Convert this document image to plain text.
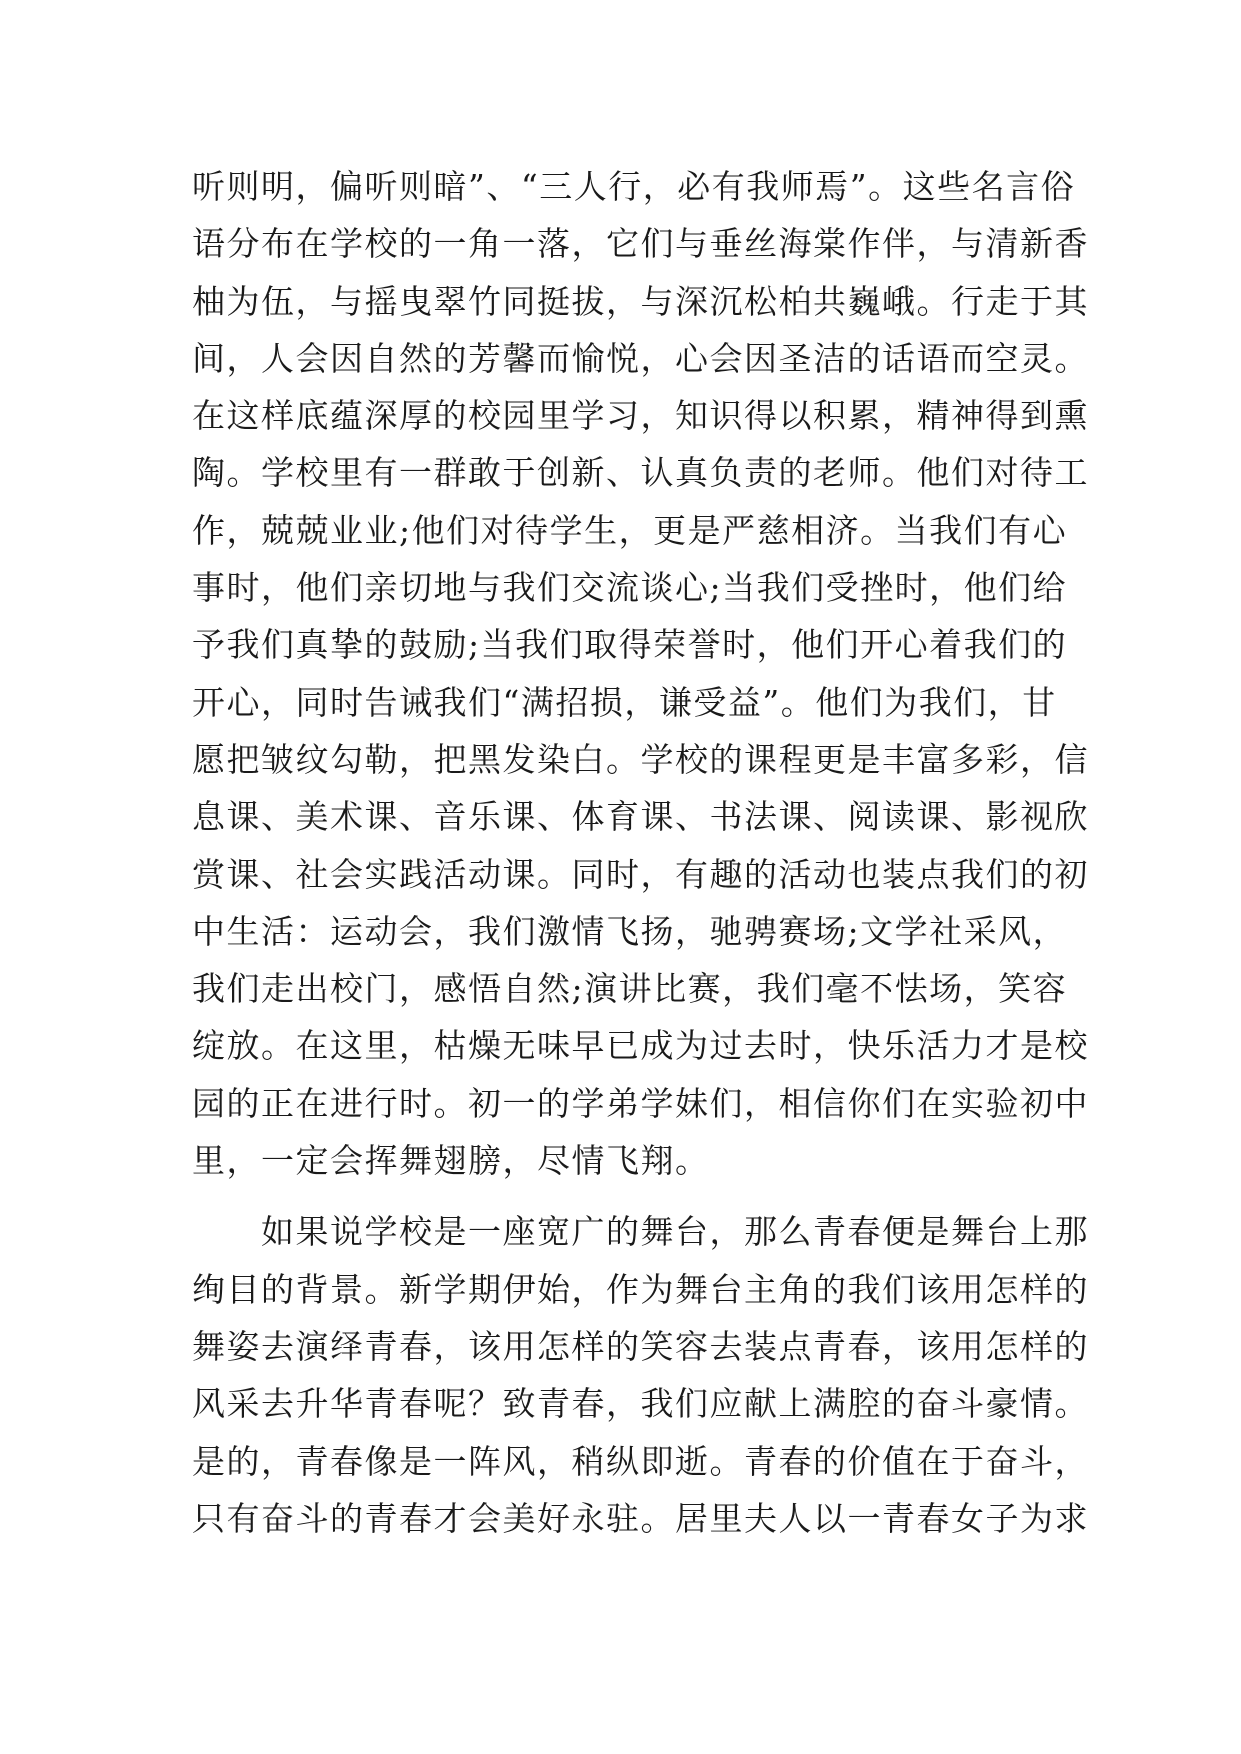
听则明，偏听则暗”、“三人行，必有我师焉”。这些名言俗
语分布在学校的一角一落，它们与垂丝海棠作伴，与清新香
柚为伍，与摇曳翠竹同挺拔，与深沉松柏共巍峨。行走于其
间，人会因自然的芳馨而愉悦，心会因圣洁的话语而空灵。
在这样底蕴深厚的校园里学习，知识得以积累，精神得到熏
陶。学校里有一群敢于创新、认真负责的老师。他们对待工
作，兢兢业业;他们对待学生，更是严慈相济。当我们有心
事时，他们亲切地与我们交流谈心;当我们受挫时，他们给
予我们真挚的鼓励;当我们取得荣誉时，他们开心着我们的
开心，同时告诫我们“满招损，谦受益”。他们为我们，甘
愿把皱纹勾勒，把黑发染白。学校的课程更是丰富多彩，信
息课、美术课、音乐课、体育课、书法课、阅读课、影视欣
赏课、社会实践活动课。同时，有趣的活动也装点我们的初
中生活：运动会，我们激情飞扬，驰骋赛场;文学社采风，
我们走出校门，感悟自然;演讲比赛，我们毫不怯场，笑容
绽放。在这里，枯燥无味早已成为过去时，快乐活力才是校
园的正在进行时。初一的学弟学妹们，相信你们在实验初中
里，一定会挥舞翅膀，尽情飞翔。
　　如果说学校是一座宽广的舞台，那么青春便是舞台上那
绚目的背景。新学期伊始，作为舞台主角的我们该用怎样的
舞姿去演绎青春，该用怎样的笑容去装点青春，该用怎样的
风采去升华青春呢？致青春，我们应献上满腔的奋斗豪情。
是的，青春像是一阵风，稍纵即逝。青春的价值在于奋斗，
只有奋斗的青春才会美好永驻。居里夫人以一青春女子为求
